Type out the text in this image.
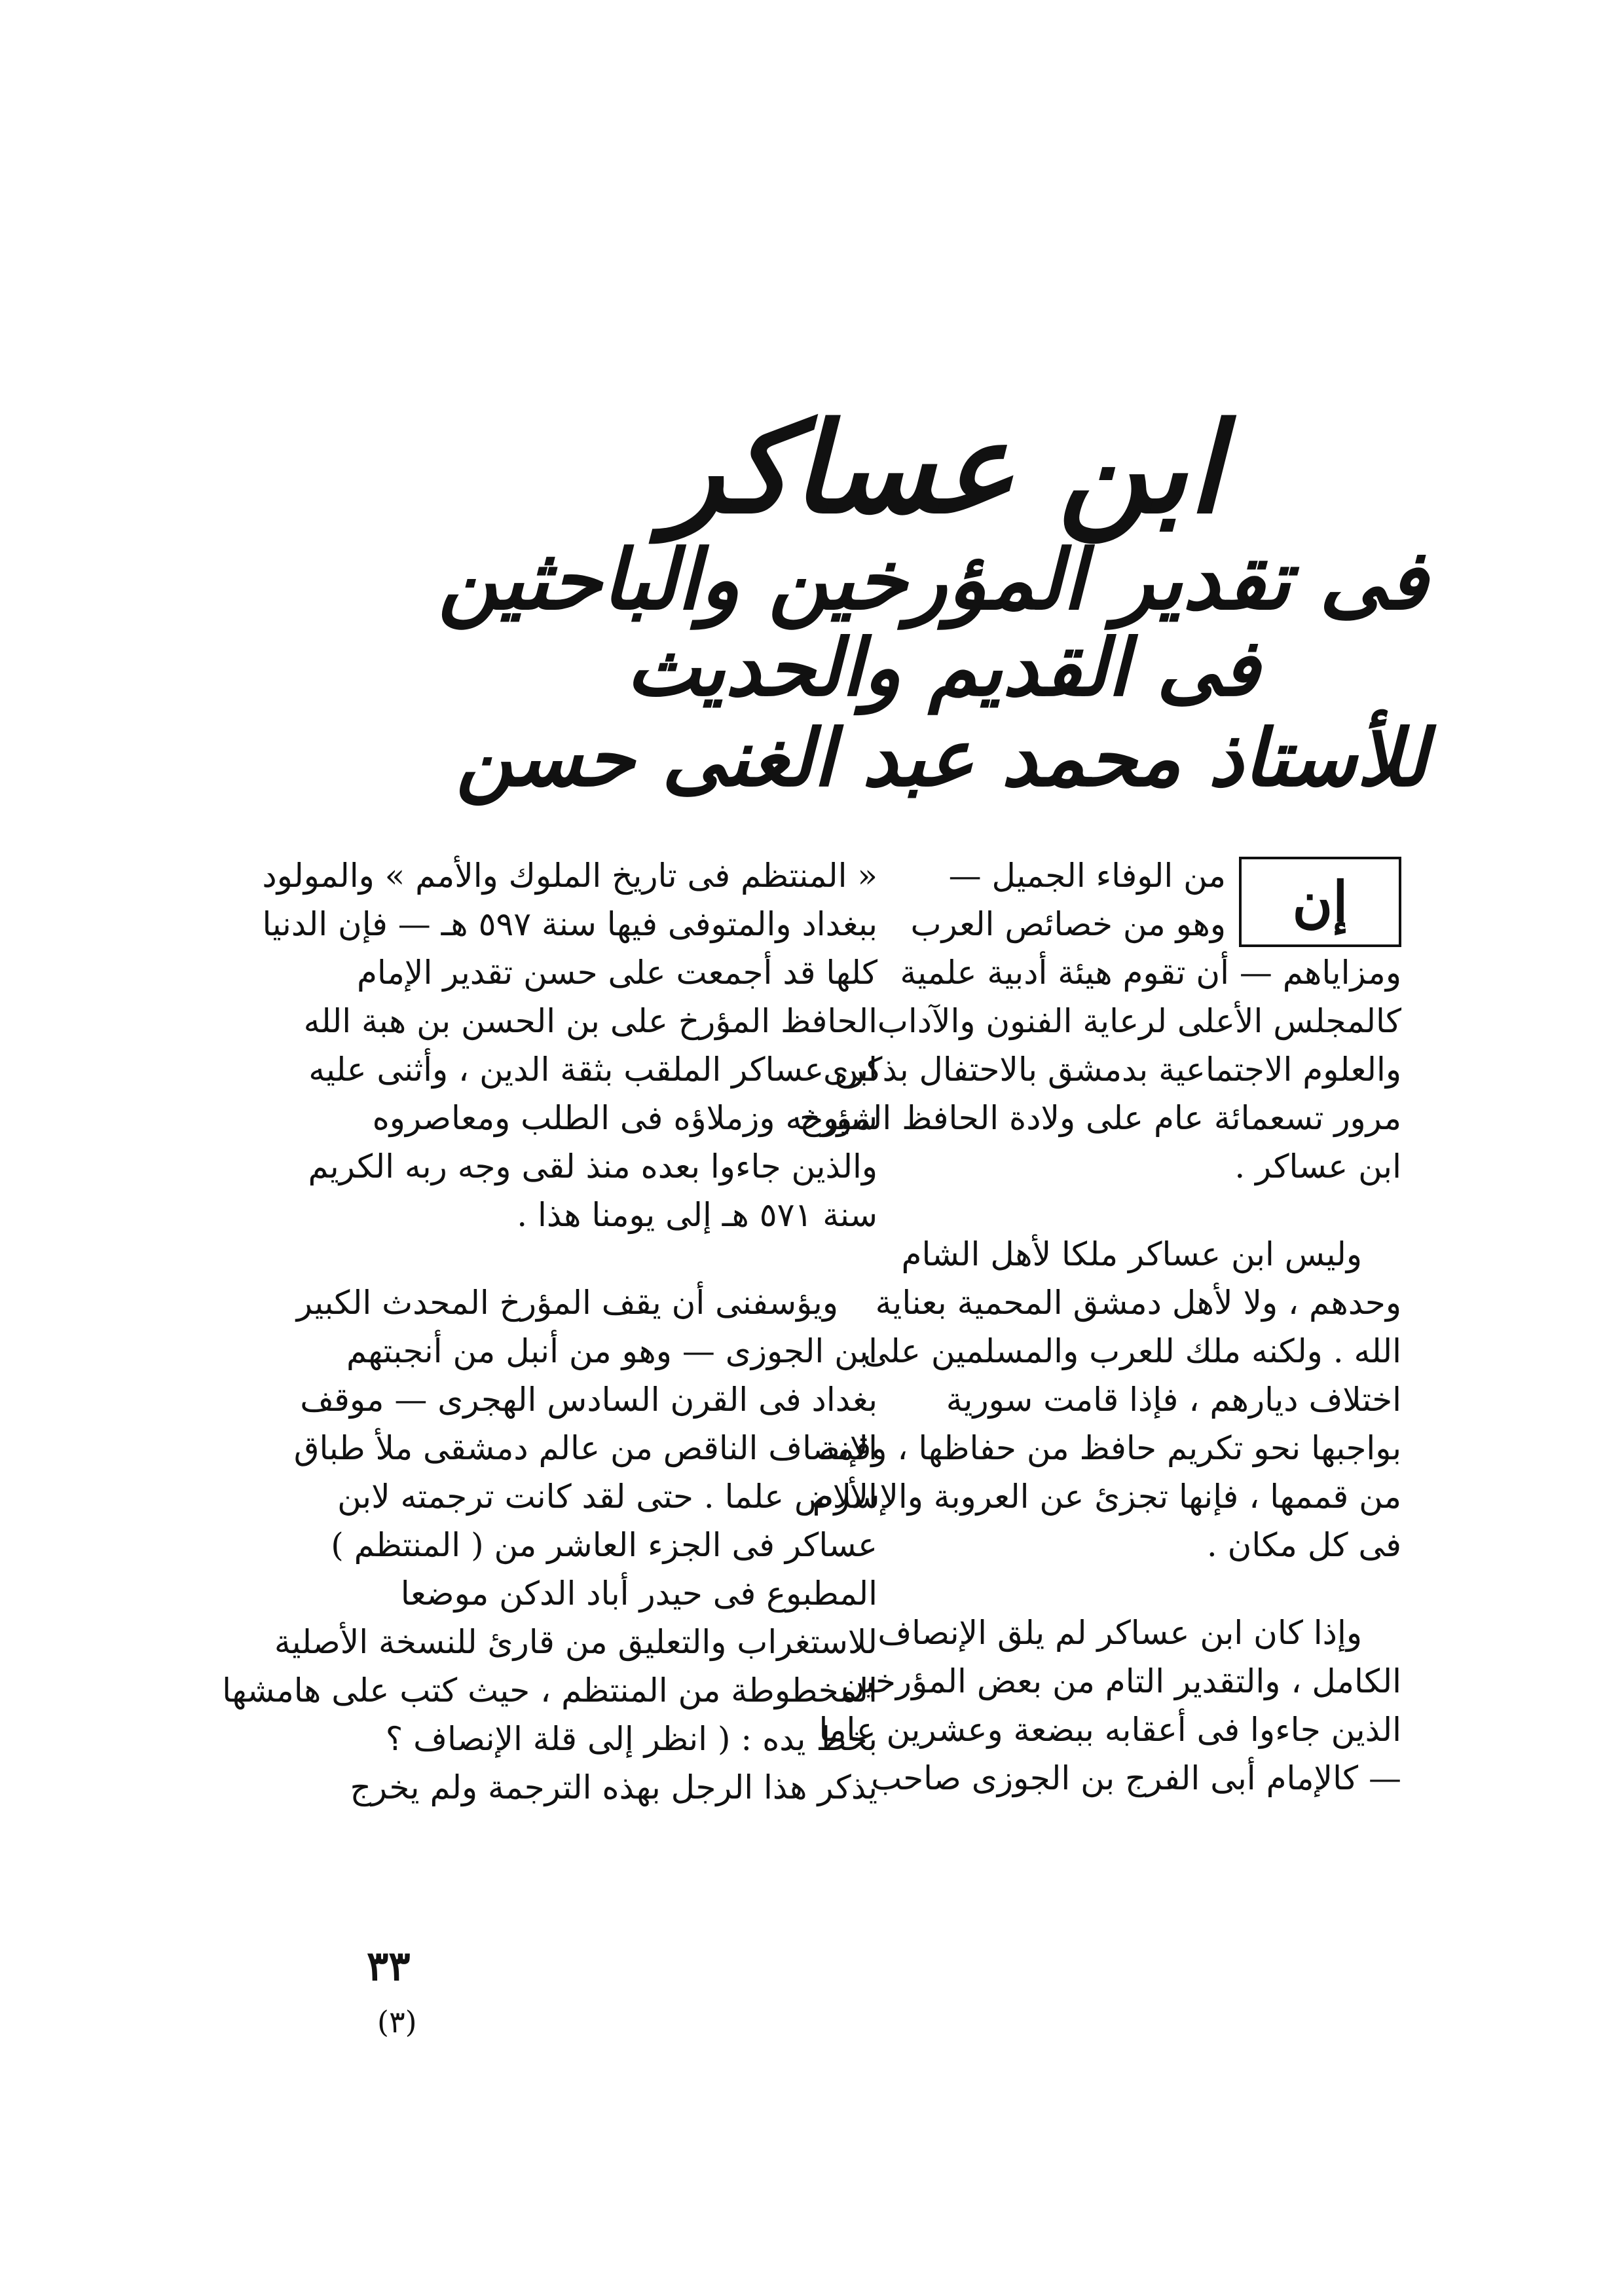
ابن عساكر
فى تقدير المؤرخين والباحثين
فى القديم والحديث
للأستاذ محمد عبد الغنى حسن
إن
من الوفاء الجميل —
وهو من خصائص العرب
ومزاياهم — أن تقوم هيئة أدبية علمية
كالمجلس الأعلى لرعاية الفنون والآداب
والعلوم الاجتماعية بدمشق بالاحتفال بذكرى
مرور تسعمائة عام على ولادة الحافظ المؤرخ
ابن عساكر .
وليس ابن عساكر ملكا لأهل الشام
وحدهم ، ولا لأهل دمشق المحمية بعناية
الله . ولكنه ملك للعرب والمسلمين على
اختلاف ديارهم ، فإذا قامت سورية
بواجبها نحو تكريم حافظ من حفاظها ، وقمة
من قممها ، فإنها تجزئ عن العروبة والإسلام
فى كل مكان .
وإذا كان ابن عساكر لم يلق الإنصاف
الكامل ، والتقدير التام من بعض المؤرخين
الذين جاءوا فى أعقابه ببضعة وعشرين عاما
— كالإمام أبى الفرج بن الجوزى صاحب
« المنتظم فى تاريخ الملوك والأمم » والمولود
ببغداد والمتوفى فيها سنة ٥٩٧ هـ — فإن الدنيا
كلها قد أجمعت على حسن تقدير الإمام
الحافظ المؤرخ على بن الحسن بن هبة الله
ابن عساكر الملقب بثقة الدين ، وأثنى عليه
شيوخه وزملاؤه فى الطلب ومعاصروه
والذين جاءوا بعده منذ لقى وجه ربه الكريم
سنة ٥٧١ هـ إلى يومنا هذا .
ويؤسفنى أن يقف المؤرخ المحدث الكبير
ابن الجوزى — وهو من أنبل من أنجبتهم
بغداد فى القرن السادس الهجرى — موقف
الإنصاف الناقص من عالم دمشقى ملأ طباق
الأرض علما . حتى لقد كانت ترجمته لابن
عساكر فى الجزء العاشر من ( المنتظم )
المطبوع فى حيدر أباد الدكن موضعا
للاستغراب والتعليق من قارئ للنسخة الأصلية
المخطوطة من المنتظم ، حيث كتب على هامشها
بخط يده : ( انظر إلى قلة الإنصاف ؟
يذكر هذا الرجل بهذه الترجمة ولم يخرج
٣٣
(٣)
